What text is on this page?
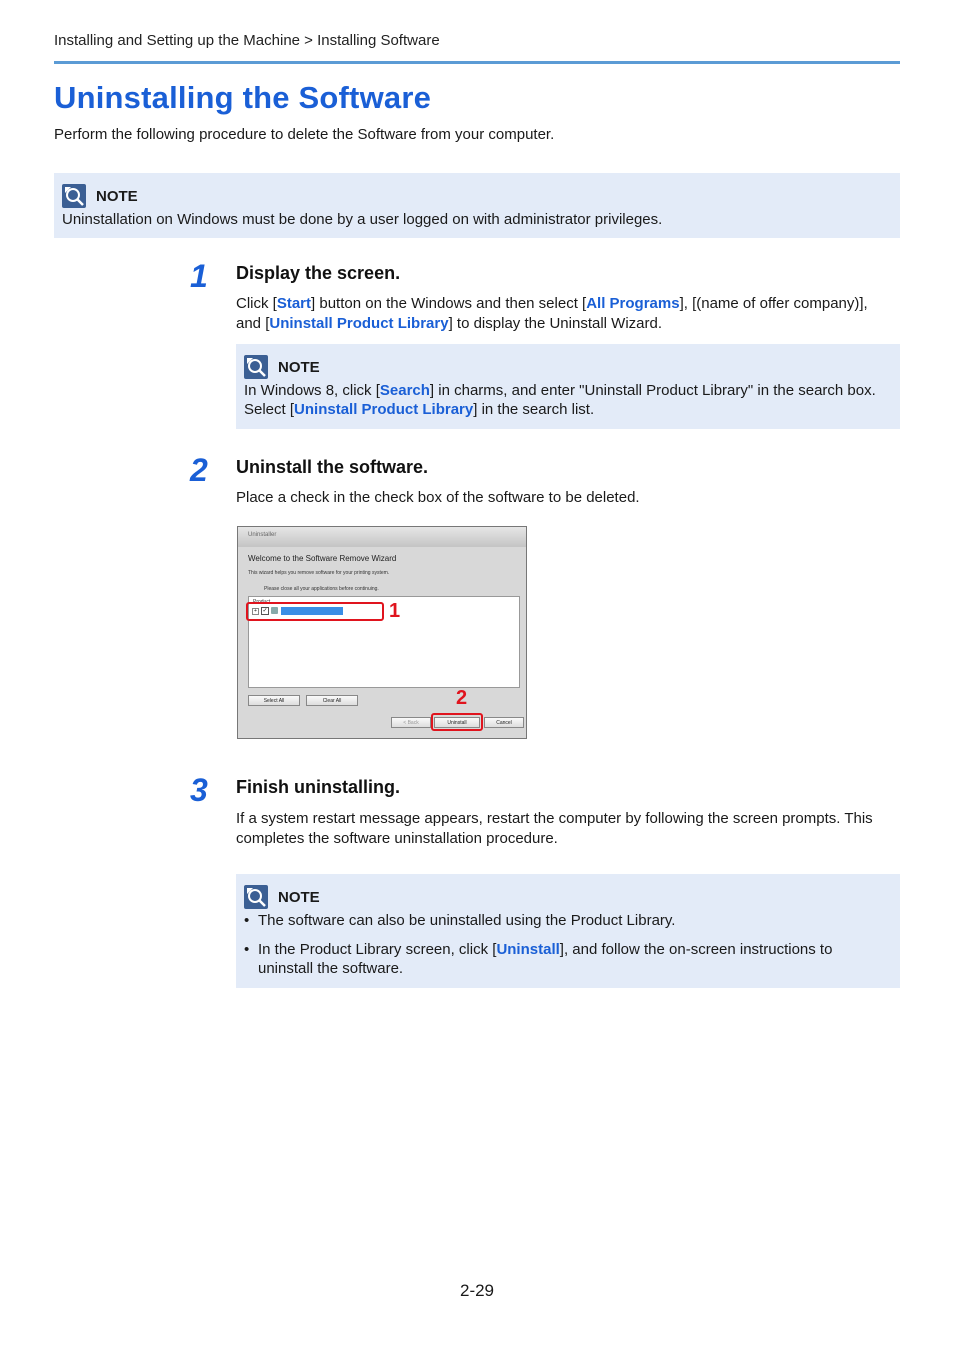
Installing and Setting up the Machine > Installing Software
Uninstalling the Software
Perform the following procedure to delete the Software from your computer.
NOTE
Uninstallation on Windows must be done by a user logged on with administrator privileges.
1 Display the screen.
Click [Start] button on the Windows and then select [All Programs], [(name of offer company)], and [Uninstall Product Library] to display the Uninstall Wizard.
NOTE
In Windows 8, click [Search] in charms, and enter "Uninstall Product Library" in the search box. Select [Uninstall Product Library] in the search list.
2 Uninstall the software.
Place a check in the check box of the software to be deleted.
Uninstaller
Welcome to the Software Remove Wizard
This wizard helps you remove software for your printing system.
Please close all your applications before continuing.
Product
+ ✓
Select All	Clear All
< Back	Uninstall	Cancel
1
2
3 Finish uninstalling.
If a system restart message appears, restart the computer by following the screen prompts. This completes the software uninstallation procedure.
NOTE
• The software can also be uninstalled using the Product Library.
• In the Product Library screen, click [Uninstall], and follow the on-screen instructions to uninstall the software.
2-29
